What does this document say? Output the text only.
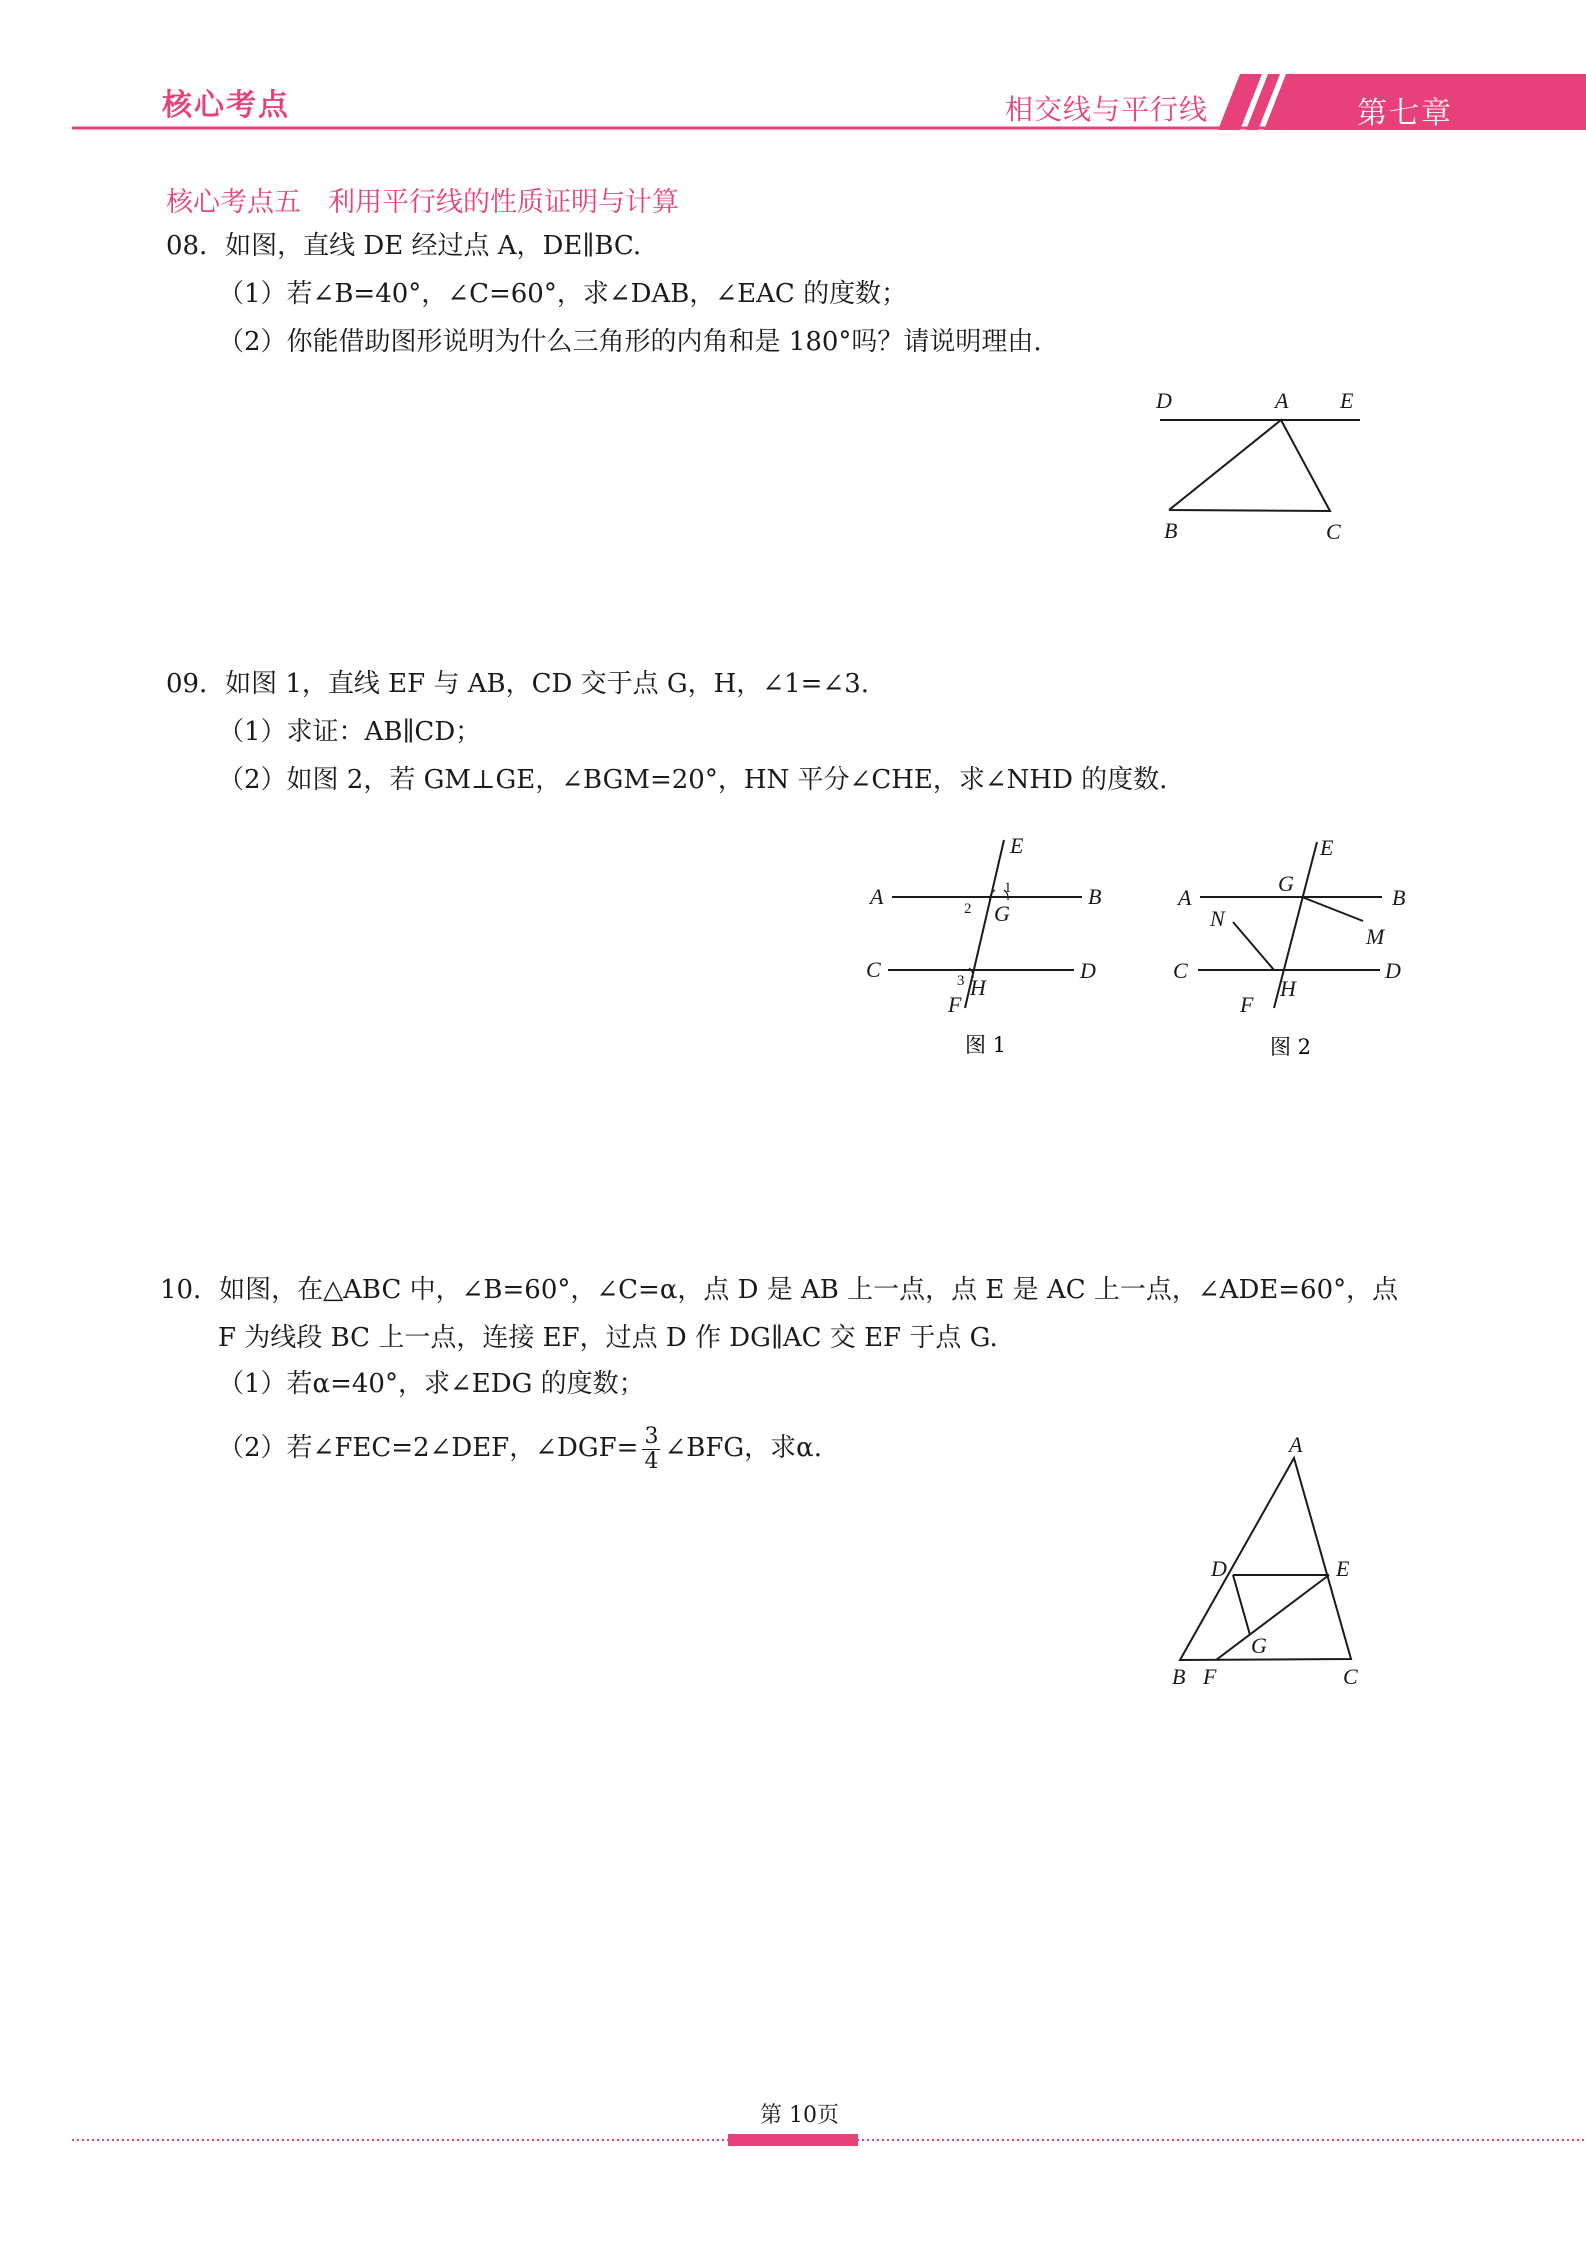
核心考点	相交线与平行线	第七章
核心考点五　利用平行线的性质证明与计算
08．如图，直线 DE 经过点 A，DE∥BC.
（1）若∠B=40°，∠C=60°，求∠DAB，∠EAC 的度数；
（2）你能借助图形说明为什么三角形的内角和是 180°吗？请说明理由.
D	A E
B	C
09．如图 1，直线 EF 与 AB，CD 交于点 G，H，∠1=∠3.
（1）求证：AB∥CD；
（2）如图 2，若 GM⊥GE，∠BGM=20°，HN 平分∠CHE，求∠NHD 的度数.
E
A	B
G
C	D
H
F
1
2
3
图 1
E
A	B
G
N
M
C	D
H
F
图 2
10．如图，在△ABC 中，∠B=60°，∠C=α，点 D 是 AB 上一点，点 E 是 AC 上一点，∠ADE=60°，点
F 为线段 BC 上一点，连接 EF，过点 D 作 DG∥AC 交 EF 于点 G.
（1）若α=40°，求∠EDG 的度数；
（2）若∠FEC=2∠DEF，∠DGF= $\frac{3}{4}$ ∠BFG，求α.	A
D	E
G
B F	C
第 10页
